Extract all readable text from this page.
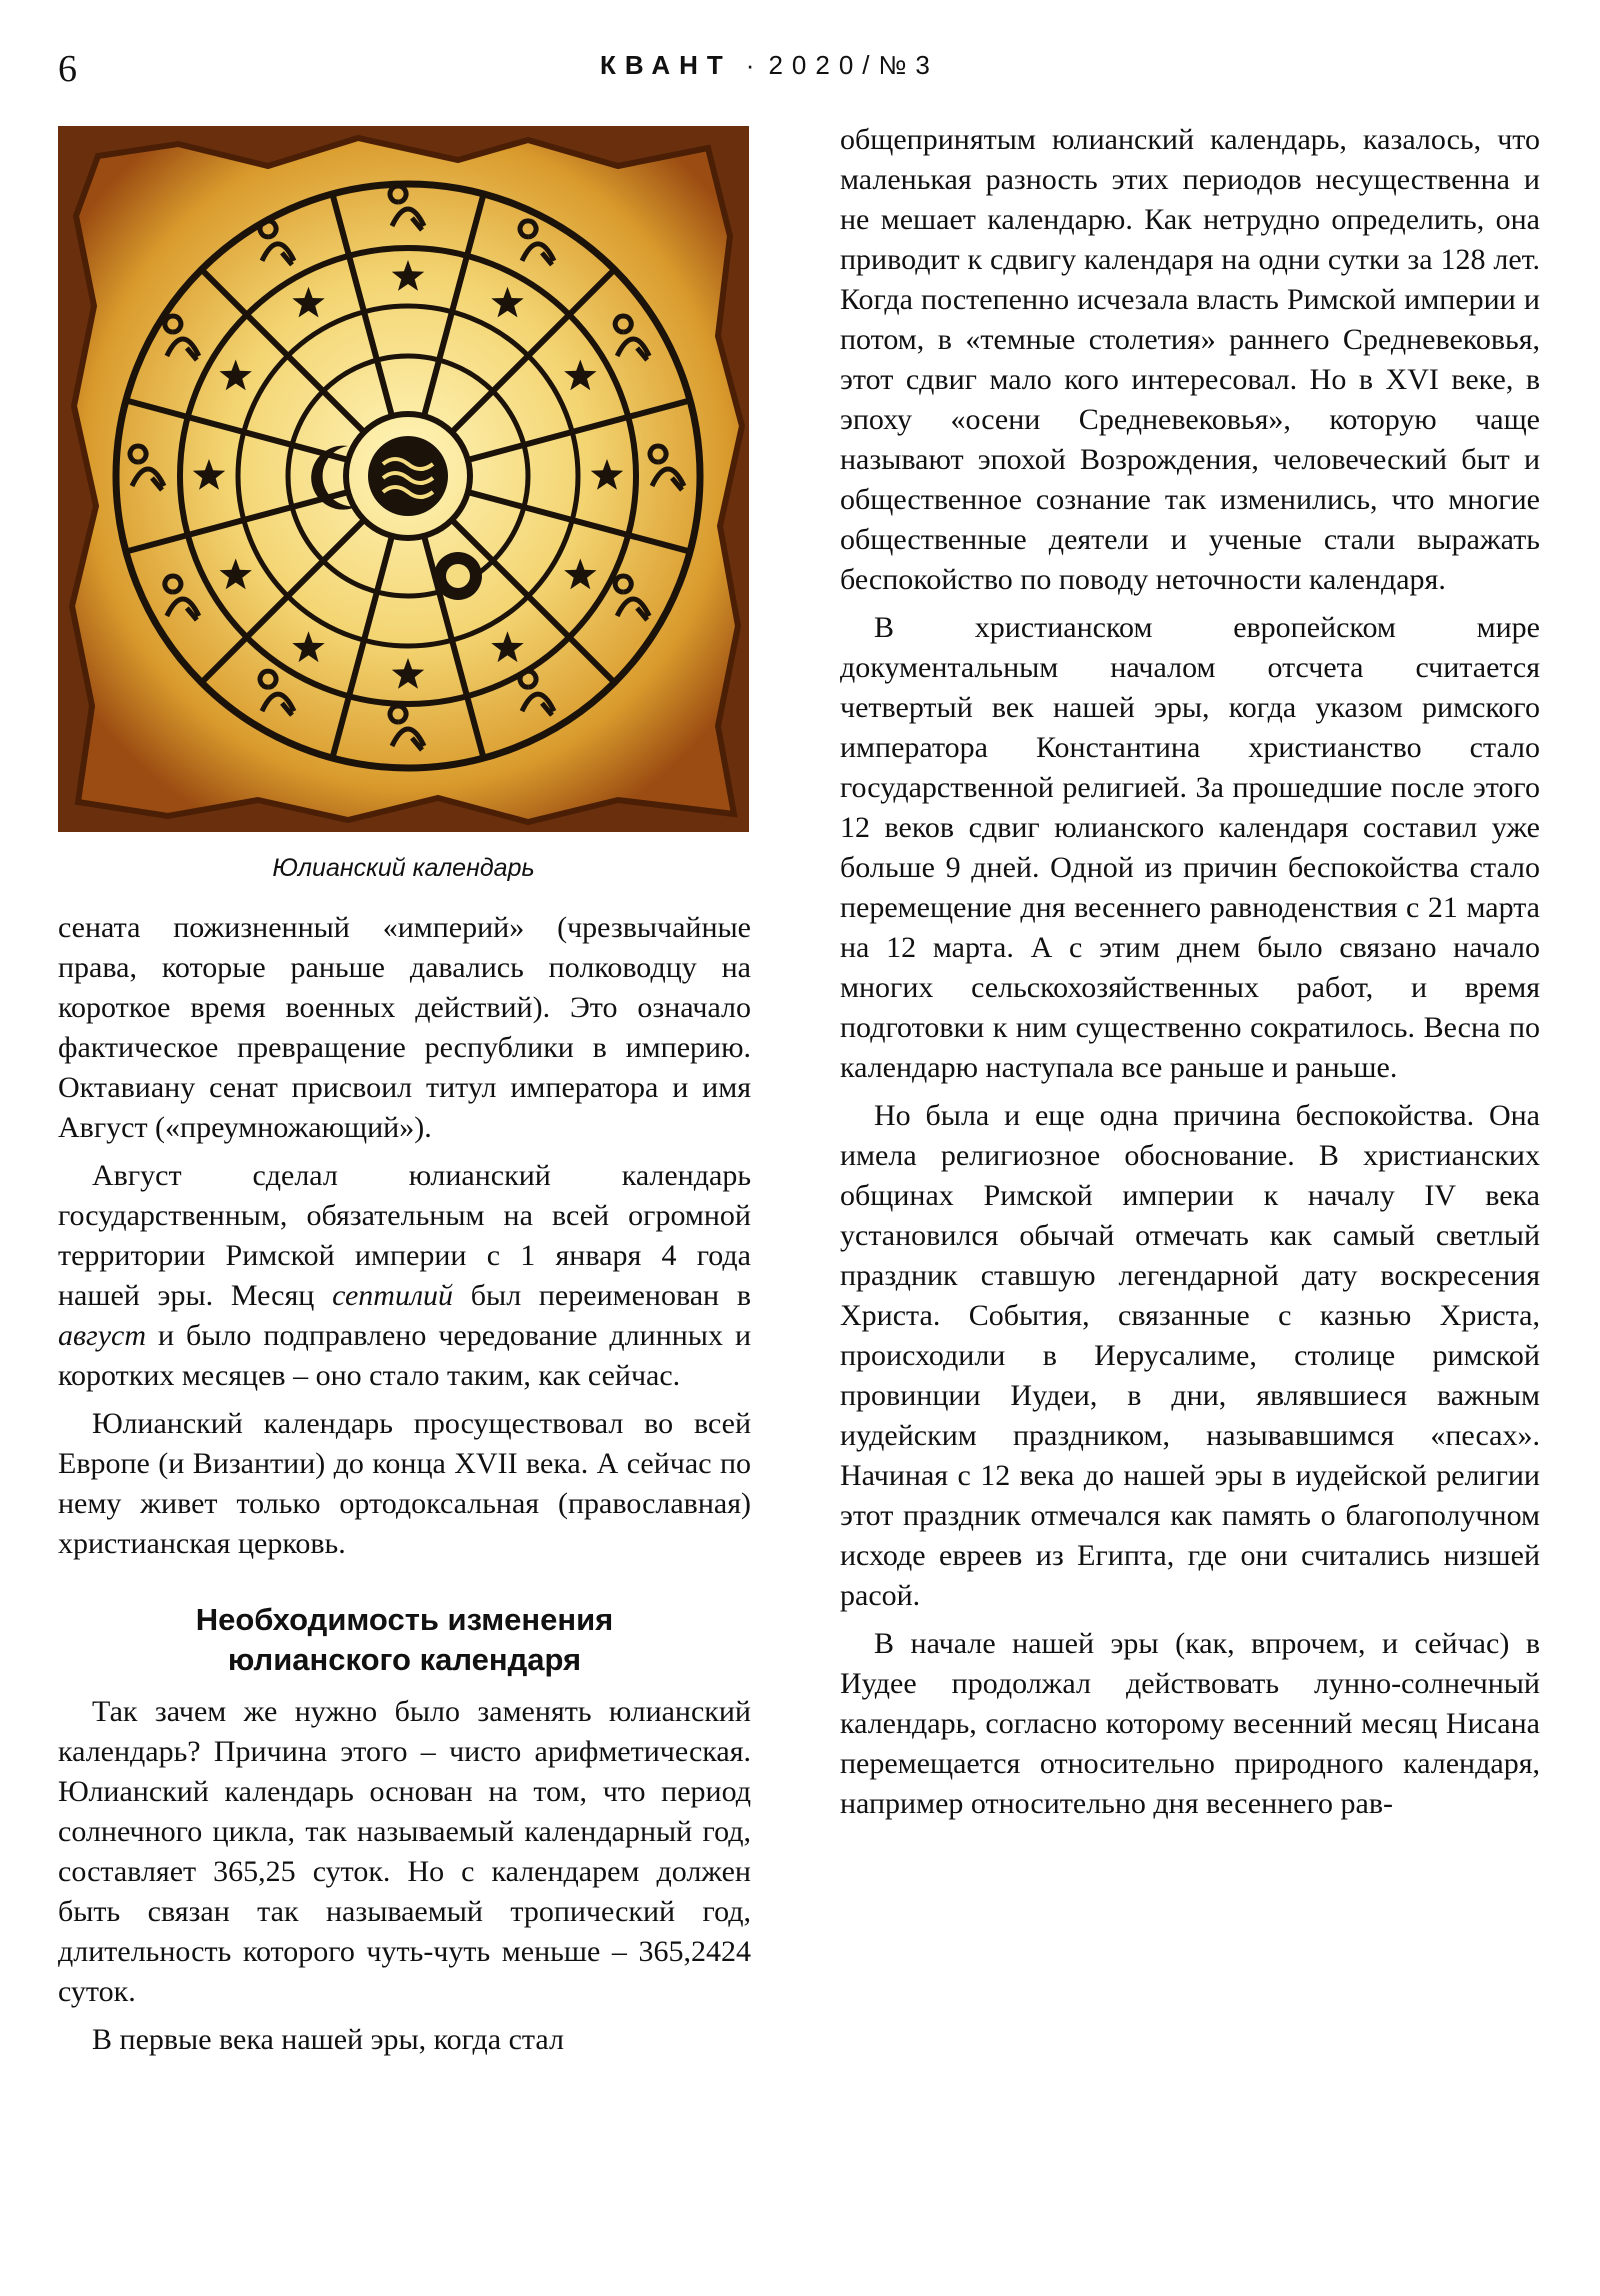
6	КВАНТ · 2020/№3
Юлианский календарь

сената пожизненный «империй» (чрезвычайные права, которые раньше давались полководцу на короткое время военных действий). Это означало фактическое превращение республики в империю. Октавиану сенат присвоил титул императора и имя Август («преумножающий»).

Август сделал юлианский календарь государственным, обязательным на всей огромной территории Римской империи с 1 января 4 года нашей эры. Месяц септилий был переименован в август и было подправлено чередование длинных и коротких месяцев – оно стало таким, как сейчас.

Юлианский календарь просуществовал во всей Европе (и Византии) до конца XVII века. А сейчас по нему живет только ортодоксальная (православная) христианская церковь.

Необходимость изменения
юлианского календаря

Так зачем же нужно было заменять юлианский календарь? Причина этого – чисто арифметическая. Юлианский календарь основан на том, что период солнечного цикла, так называемый календарный год, составляет 365,25 суток. Но с календарем должен быть связан так называемый тропический год, длительность которого чуть-чуть меньше – 365,2424 суток.

В первые века нашей эры, когда стал

общепринятым юлианский календарь, казалось, что маленькая разность этих периодов несущественна и не мешает календарю. Как нетрудно определить, она приводит к сдвигу календаря на одни сутки за 128 лет. Когда постепенно исчезала власть Римской империи и потом, в «темные столетия» раннего Средневековья, этот сдвиг мало кого интересовал. Но в XVI веке, в эпоху «осени Средневековья», которую чаще называют эпохой Возрождения, человеческий быт и общественное сознание так изменились, что многие общественные деятели и ученые стали выражать беспокойство по поводу неточности календаря.

В христианском европейском мире документальным началом отсчета считается четвертый век нашей эры, когда указом римского императора Константина христианство стало государственной религией. За прошедшие после этого 12 веков сдвиг юлианского календаря составил уже больше 9 дней. Одной из причин беспокойства стало перемещение дня весеннего равноденствия с 21 марта на 12 марта. А с этим днем было связано начало многих сельскохозяйственных работ, и время подготовки к ним существенно сократилось. Весна по календарю наступала все раньше и раньше.

Но была и еще одна причина беспокойства. Она имела религиозное обоснование. В христианских общинах Римской империи к началу IV века установился обычай отмечать как самый светлый праздник ставшую легендарной дату воскресения Христа. События, связанные с казнью Христа, происходили в Иерусалиме, столице римской провинции Иудеи, в дни, являвшиеся важным иудейским праздником, называвшимся «песах». Начиная с 12 века до нашей эры в иудейской религии этот праздник отмечался как память о благополучном исходе евреев из Египта, где они считались низшей расой.

В начале нашей эры (как, впрочем, и сейчас) в Иудее продолжал действовать лунно-солнечный календарь, согласно которому весенний месяц Нисана перемещается относительно природного календаря, например относительно дня весеннего рав-
